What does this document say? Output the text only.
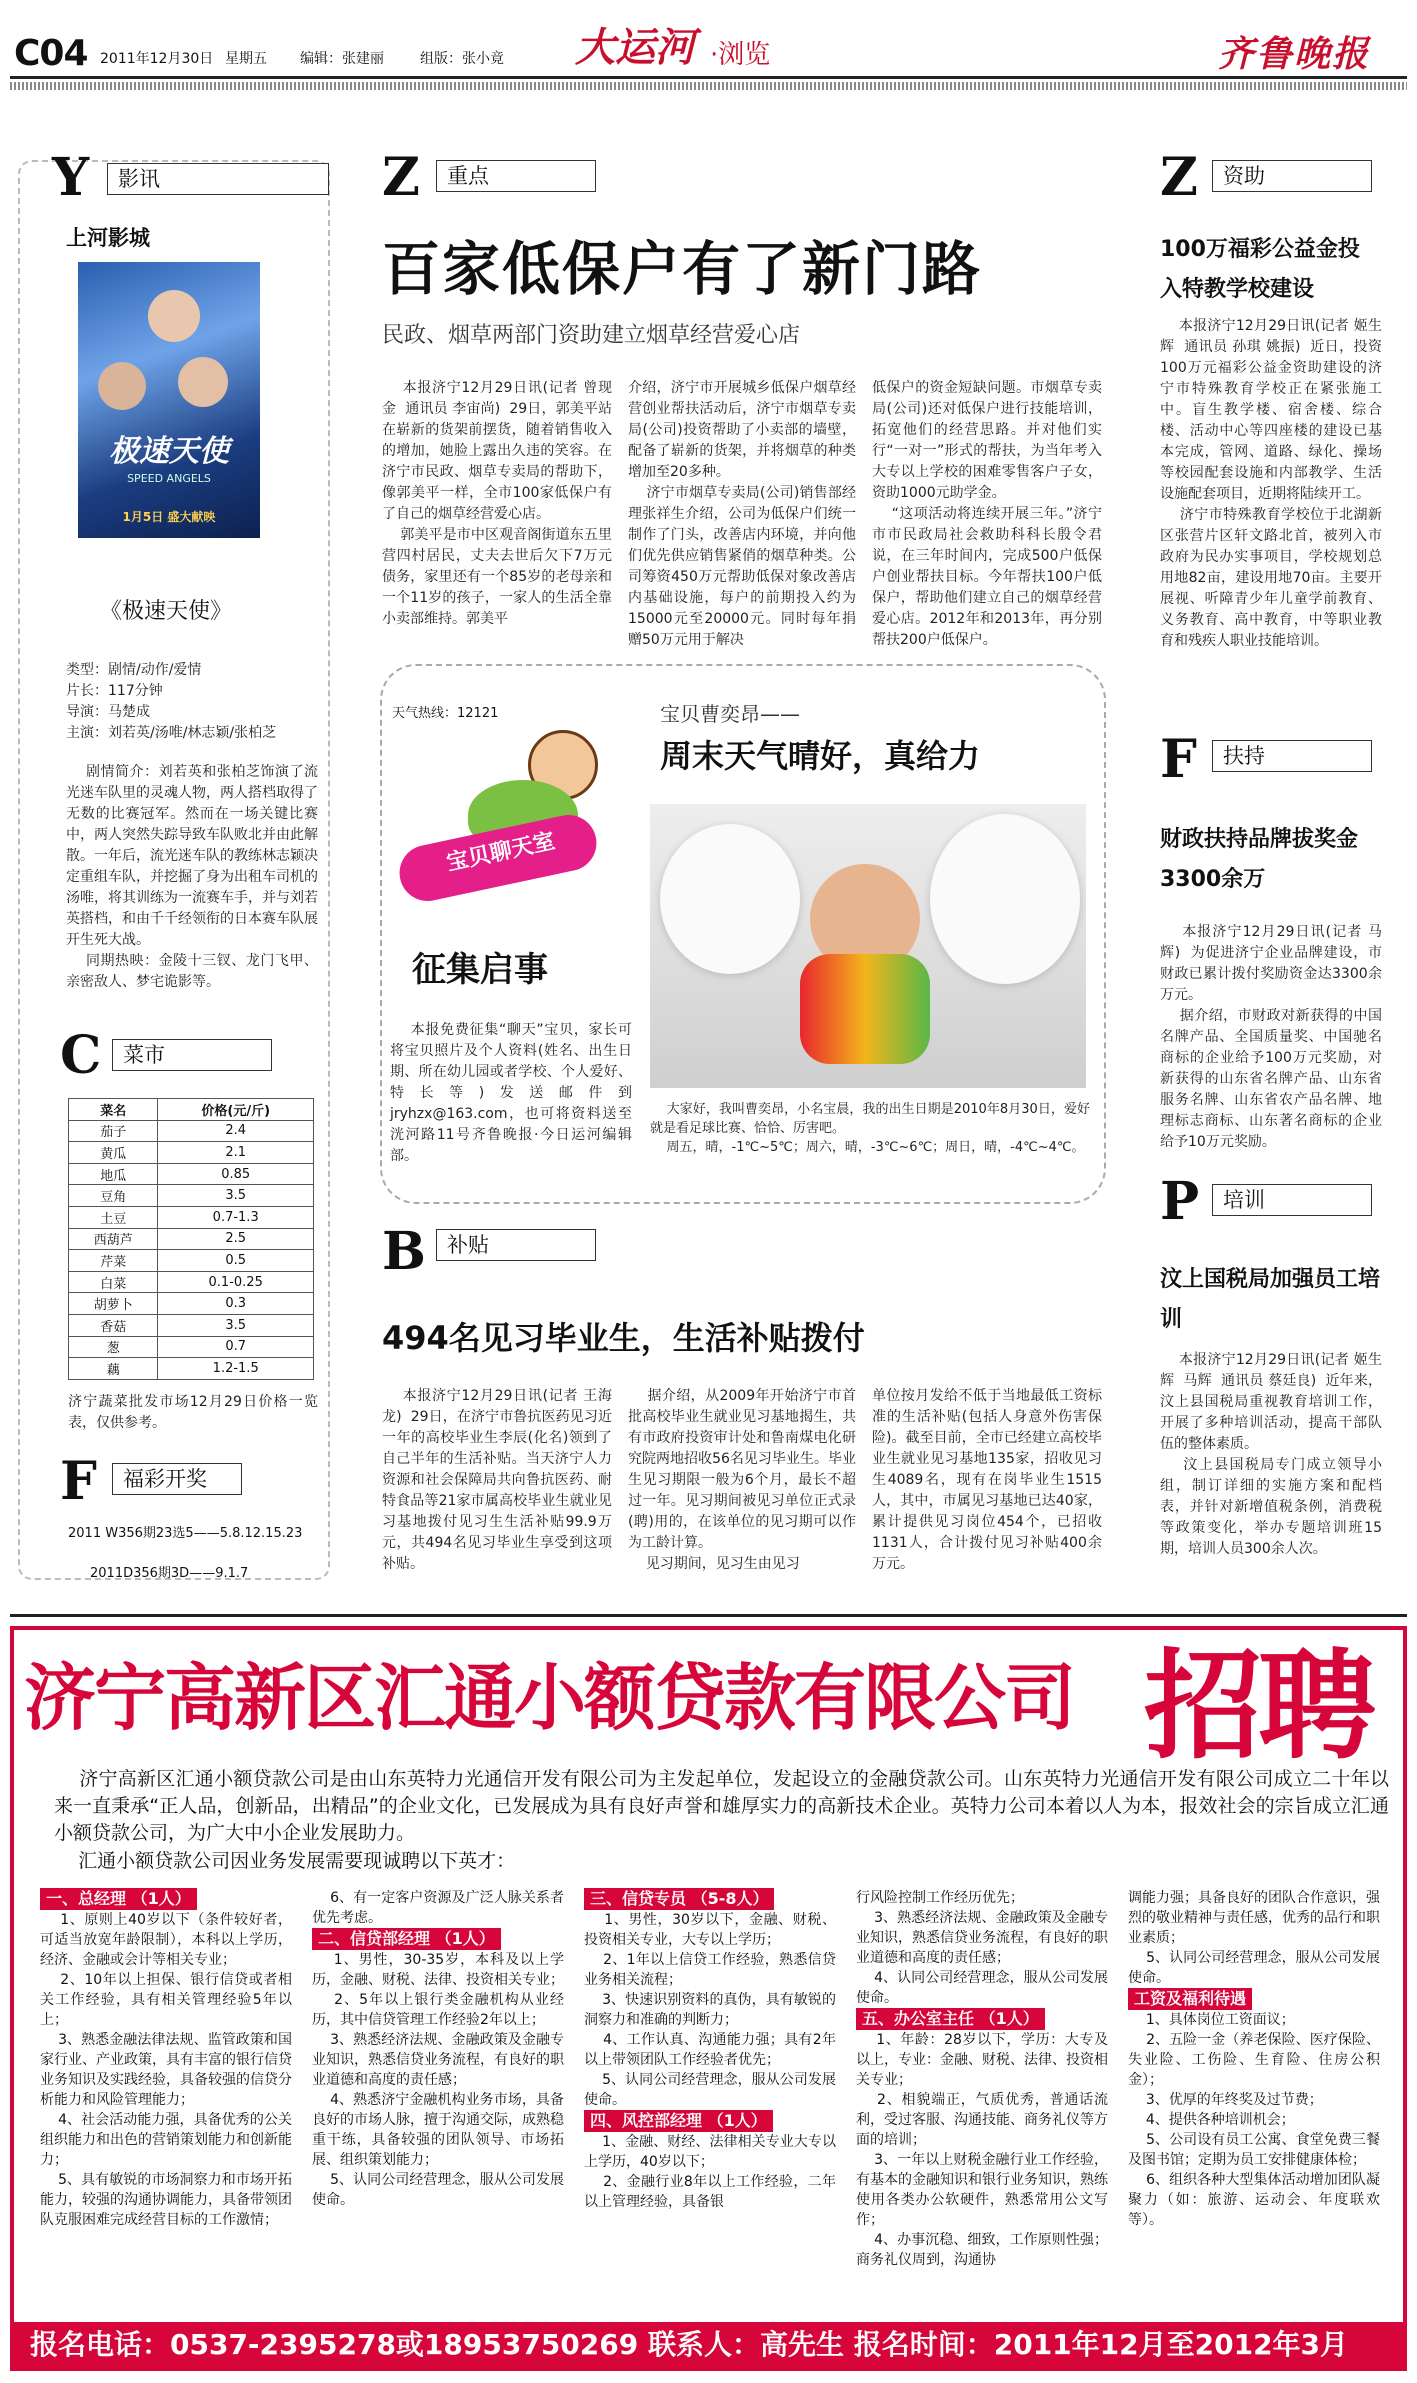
C04 2011年12月30日 星期五 编辑：张建丽	组版：张小竟 大运河 ·浏览	齐鲁晚报
Y	影讯
上河影城
极速天使
SPEED ANGELS
1月5日 盛大献映
《极速天使》
类型：剧情/动作/爱情
片长：117分钟
导演：马楚成
主演：刘若英/汤唯/林志颖/张柏芝
剧情简介：刘若英和张柏芝饰演了流光迷车队里的灵魂人物，两人搭档取得了无数的比赛冠军。然而在一场关键比赛中，两人突然失踪导致车队败北并由此解散。一年后，流光迷车队的教练林志颖决定重组车队，并挖掘了身为出租车司机的汤唯，将其训练为一流赛车手，并与刘若英搭档，和由千千经领衔的日本赛车队展开生死大战。
同期热映：金陵十三钗、龙门飞甲、亲密敌人、梦宅诡影等。
C	菜市
菜名	价格(元/斤)
茄子	2.4
黄瓜	2.1
地瓜	0.85
豆角	3.5
土豆	0.7-1.3
西葫芦	2.5
芹菜	0.5
白菜	0.1-0.25
胡萝卜	0.3
香菇	3.5
葱	0.7
藕	1.2-1.5
济宁蔬菜批发市场12月29日价格一览表，仅供参考。
F	福彩开奖
2011 W356期23选5——5.8.12.15.23
2011D356期3D——9.1.7
Z	重点
百家低保户有了新门路
民政、烟草两部门资助建立烟草经营爱心店
本报济宁12月29日讯(记者 曾现金  通讯员 李宙尚)  29日，郭美平站在崭新的货架前摆货，随着销售收入的增加，她脸上露出久违的笑容。在济宁市民政、烟草专卖局的帮助下，像郭美平一样，全市100家低保户有了自己的烟草经营爱心店。
郭美平是市中区观音阁街道东五里营四村居民，丈夫去世后欠下7万元债务，家里还有一个85岁的老母亲和一个11岁的孩子，一家人的生活全靠小卖部维持。郭美平
介绍，济宁市开展城乡低保户烟草经营创业帮扶活动后，济宁市烟草专卖局(公司)投资帮助了小卖部的墙壁，配备了崭新的货架，并将烟草的种类增加至20多种。
济宁市烟草专卖局(公司)销售部经理张祥生介绍，公司为低保户们统一制作了门头，改善店内环境，并向他们优先供应销售紧俏的烟草种类。公司筹资450万元帮助低保对象改善店内基础设施，每户的前期投入约为15000元至20000元。同时每年捐赠50万元用于解决
低保户的资金短缺问题。市烟草专卖局(公司)还对低保户进行技能培训，拓宽他们的经营思路。并对他们实行“一对一”形式的帮扶，为当年考入大专以上学校的困难零售客户子女，资助1000元助学金。
“这项活动将连续开展三年。”济宁市市民政局社会救助科科长殷令君说，在三年时间内，完成500户低保户创业帮扶目标。今年帮扶100户低保户，帮助他们建立自己的烟草经营爱心店。2012年和2013年，再分别帮扶200户低保户。
天气热线：12121
宝贝聊天室
宝贝曹奕昂——
周末天气晴好，真给力
征集启事
本报免费征集“聊天”宝贝，家长可将宝贝照片及个人资料(姓名、出生日期、所在幼儿园或者学校、个人爱好、特长等)发送邮件到jryhzx@163.com，也可将资料送至洸河路11号齐鲁晚报·今日运河编辑部。
大家好，我叫曹奕昂，小名宝晨，我的出生日期是2010年8月30日，爱好就是看足球比赛、恰恰、厉害吧。
周五，晴，-1℃~5℃；周六，晴，-3℃~6℃；周日，晴，-4℃~4℃。
B	补贴
494名见习毕业生，生活补贴拨付
本报济宁12月29日讯(记者 王海龙)  29日，在济宁市鲁抗医药见习近一年的高校毕业生李辰(化名)领到了自己半年的生活补贴。当天济宁人力资源和社会保障局共向鲁抗医药、耐特食品等21家市属高校毕业生就业见习基地拨付见习生生活补贴99.9万元，共494名见习毕业生享受到这项补贴。
据介绍，从2009年开始济宁市首批高校毕业生就业见习基地揭生，共有市政府投资审计处和鲁南煤电化研究院两地招收56名见习毕业生。毕业生见习期限一般为6个月，最长不超过一年。见习期间被见习单位正式录(聘)用的，在该单位的见习期可以作为工龄计算。
见习期间，见习生由见习
单位按月发给不低于当地最低工资标准的生活补贴(包括人身意外伤害保险)。截至目前，全市已经建立高校毕业生就业见习基地135家，招收见习生4089名，现有在岗毕业生1515人，其中，市属见习基地已达40家，累计提供见习岗位454个，已招收1131人，合计拨付见习补贴400余万元。
Z	资助
100万福彩公益金投入特教学校建设
本报济宁12月29日讯(记者 姬生辉  通讯员 孙琪 姚振)  近日，投资100万元福彩公益金资助建设的济宁市特殊教育学校正在紧张施工中。盲生教学楼、宿舍楼、综合楼、活动中心等四座楼的建设已基本完成，管网、道路、绿化、操场等校园配套设施和内部教学、生活设施配套项目，近期将陆续开工。
济宁市特殊教育学校位于北湖新区张营片区轩文路北首，被列入市政府为民办实事项目，学校规划总用地82亩，建设用地70亩。主要开展视、听障青少年儿童学前教育、义务教育、高中教育，中等职业教育和残疾人职业技能培训。
F	扶持
财政扶持品牌拔奖金3300余万
本报济宁12月29日讯(记者 马辉)  为促进济宁企业品牌建设，市财政已累计拨付奖励资金达3300余万元。
据介绍，市财政对新获得的中国名牌产品、全国质量奖、中国驰名商标的企业给予100万元奖励，对新获得的山东省名牌产品、山东省服务名牌、山东省农产品名牌、地理标志商标、山东著名商标的企业给予10万元奖励。
P	培训
汶上国税局加强员工培训
本报济宁12月29日讯(记者 姬生辉  马辉  通讯员 蔡廷良)  近年来，汶上县国税局重视教育培训工作，开展了多种培训活动，提高干部队伍的整体素质。
汶上县国税局专门成立领导小组，制订详细的实施方案和配档表，并针对新增值税条例，消费税等政策变化，举办专题培训班15期，培训人员300余人次。
济宁高新区汇通小额贷款有限公司 招聘
济宁高新区汇通小额贷款公司是由山东英特力光通信开发有限公司为主发起单位，发起设立的金融贷款公司。山东英特力光通信开发有限公司成立二十年以来一直秉承“正人品，创新品，出精品”的企业文化，已发展成为具有良好声誉和雄厚实力的高新技术企业。英特力公司本着以人为本，报效社会的宗旨成立汇通小额贷款公司，为广大中小企业发展助力。
汇通小额贷款公司因业务发展需要现诚聘以下英才：

一、总经理 （1人）

1、原则上40岁以下（条件较好者，可适当放宽年龄限制），本科以上学历，经济、金融或会计等相关专业；
2、10年以上担保、银行信贷或者相关工作经验，具有相关管理经验5年以上；
3、熟悉金融法律法规、监管政策和国家行业、产业政策，具有丰富的银行信贷业务知识及实践经验，具备较强的信贷分析能力和风险管理能力；
4、社会活动能力强，具备优秀的公关组织能力和出色的营销策划能力和创新能力；
5、具有敏锐的市场洞察力和市场开拓能力，较强的沟通协调能力，具备带领团队克服困难完成经营目标的工作激情；

6、有一定客户资源及广泛人脉关系者优先考虑。

二、信贷部经理 （1人）

1、男性，30-35岁，本科及以上学历，金融、财税、法律、投资相关专业；
2、5年以上银行类金融机构从业经历，其中信贷管理工作经验2年以上；
3、熟悉经济法规、金融政策及金融专业知识，熟悉信贷业务流程，有良好的职业道德和高度的责任感；
4、熟悉济宁金融机构业务市场，具备良好的市场人脉，擅于沟通交际，成熟稳重干练，具备较强的团队领导、市场拓展、组织策划能力；
5、认同公司经营理念，服从公司发展使命。

三、信贷专员 （5-8人）

1、男性，30岁以下，金融、财税、投资相关专业，大专以上学历；
2、1年以上信贷工作经验，熟悉信贷业务相关流程；
3、快速识别资料的真伪，具有敏锐的洞察力和准确的判断力；
4、工作认真、沟通能力强；具有2年以上带领团队工作经验者优先；
5、认同公司经营理念，服从公司发展使命。

四、风控部经理 （1人）

1、金融、财经、法律相关专业大专以上学历，40岁以下；
2、金融行业8年以上工作经验，二年以上管理经验，具备银

行风险控制工作经历优先；
3、熟悉经济法规、金融政策及金融专业知识，熟悉信贷业务流程，有良好的职业道德和高度的责任感；
4、认同公司经营理念，服从公司发展使命。

五、办公室主任 （1人）

1、年龄：28岁以下，学历：大专及以上，专业：金融、财税、法律、投资相关专业；
2、相貌端正，气质优秀，普通话流利，受过客服、沟通技能、商务礼仪等方面的培训；
3、一年以上财税金融行业工作经验，有基本的金融知识和银行业务知识，熟练使用各类办公软硬件，熟悉常用公文写作；
4、办事沉稳、细致，工作原则性强；商务礼仪周到，沟通协

调能力强；具备良好的团队合作意识，强烈的敬业精神与责任感，优秀的品行和职业素质；
5、认同公司经营理念，服从公司发展使命。

工资及福利待遇

1、具体岗位工资面议；
2、五险一金（养老保险、医疗保险、失业险、工伤险、生育险、住房公积金）；
3、优厚的年终奖及过节费；
4、提供各种培训机会；
5、公司设有员工公寓、食堂免费三餐及图书馆；定期为员工安排健康体检；
6、组织各种大型集体活动增加团队凝聚力（如：旅游、运动会、年度联欢等）。

报名电话：0537-2395278或18953750269 联系人：高先生 报名时间：2011年12月至2012年3月
